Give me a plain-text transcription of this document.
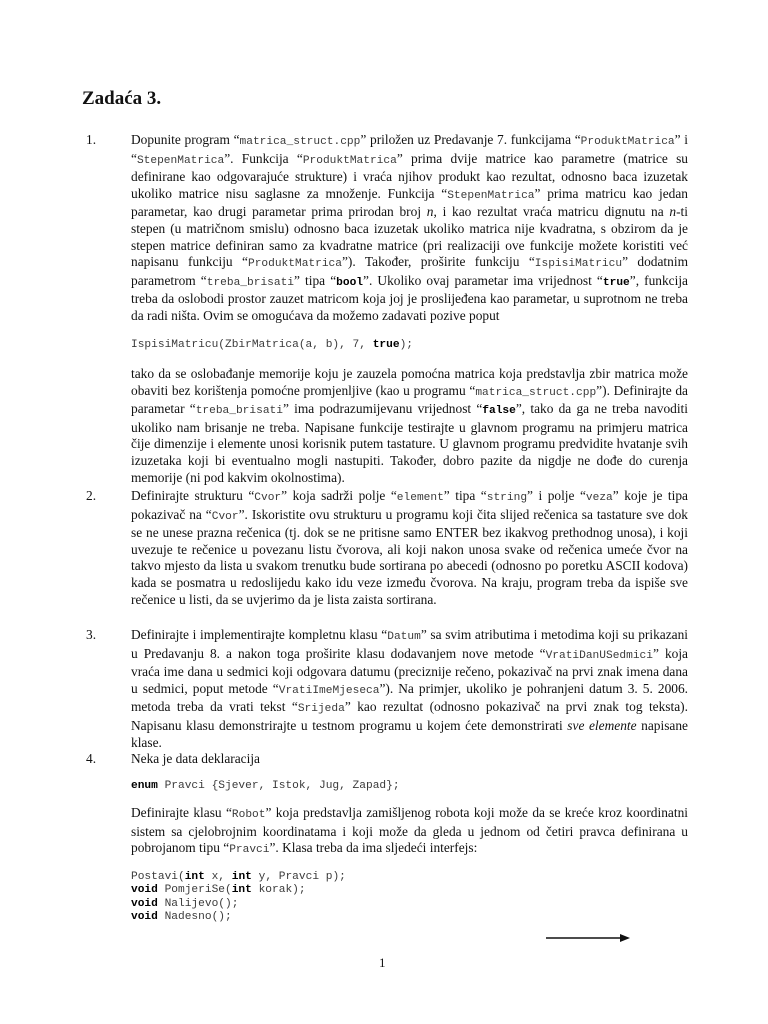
Zadaća 3.
1.	Dopunite program “matrica_struct.cpp” priložen uz Predavanje 7. funkcijama “ProduktMatrica” i “StepenMatrica”. Funkcija “ProduktMatrica” prima dvije matrice kao parametre (matrice su definirane kao odgovarajuće strukture) i vraća njihov produkt kao rezultat, odnosno baca izuzetak ukoliko matrice nisu saglasne za množenje. Funkcija “StepenMatrica” prima matricu kao jedan parametar, kao drugi parametar prima prirodan broj n, i kao rezultat vraća matricu dignutu na n-ti stepen (u matričnom smislu) odnosno baca izuzetak ukoliko matrica nije kvadratna, s obzirom da je stepen matrice definiran samo za kvadratne matrice (pri realizaciji ove funkcije možete koristiti već napisanu funkciju “ProduktMatrica”). Također, proširite funkciju “IspisiMatricu” dodatnim parametrom “treba_brisati” tipa “bool”. Ukoliko ovaj parametar ima vrijednost “true”, funkcija treba da oslobodi prostor zauzet matricom koja joj je proslijeđena kao parametar, u suprotnom ne treba da radi ništa. Ovim se omogućava da možemo zadavati pozive poput

IspisiMatricu(ZbirMatrica(a, b), 7, true);

tako da se oslobađanje memorije koju je zauzela pomoćna matrica koja predstavlja zbir matrica može obaviti bez korištenja pomoćne promjenljive (kao u programu “matrica_struct.cpp”). Definirajte da parametar “treba_brisati” ima podrazumijevanu vrijednost “false”, tako da ga ne treba navoditi ukoliko nam brisanje ne treba. Napisane funkcije testirajte u glavnom programu na primjeru matrica čije dimenzije i elemente unosi korisnik putem tastature. U glavnom programu predvidite hvatanje svih izuzetaka koji bi eventualno mogli nastupiti. Također, dobro pazite da nigdje ne dođe do curenja memorije (ni pod kakvim okolnostima).

2.	Definirajte strukturu “Cvor” koja sadrži polje “element” tipa “string” i polje “veza” koje je tipa pokazivač na “Cvor”. Iskoristite ovu strukturu u programu koji čita slijed rečenica sa tastature sve dok se ne unese prazna rečenica (tj. dok se ne pritisne samo ENTER bez ikakvog prethodnog unosa), i koji uvezuje te rečenice u povezanu listu čvorova, ali koji nakon unosa svake od rečenica umeće čvor na takvo mjesto da lista u svakom trenutku bude sortirana po abecedi (odnosno po poretku ASCII kodova) kada se posmatra u redoslijedu kako idu veze između čvorova. Na kraju, program treba da ispiše sve rečenice u listi, da se uvjerimo da je lista zaista sortirana.

3.	Definirajte i implementirajte kompletnu klasu “Datum” sa svim atributima i metodima koji su prikazani u Predavanju 8. a nakon toga proširite klasu dodavanjem nove metode “VratiDanUSedmici” koja vraća ime dana u sedmici koji odgovara datumu (preciznije rečeno, pokazivač na prvi znak imena dana u sedmici, poput metode “VratiImeMjeseca”). Na primjer, ukoliko je pohranjeni datum 3. 5. 2006. metoda treba da vrati tekst “Srijeda” kao rezultat (odnosno pokazivač na prvi znak tog teksta). Napisanu klasu demonstrirajte u testnom programu u kojem ćete demonstrirati sve elemente napisane klase.

4.	Neka je data deklaracija

enum Pravci {Sjever, Istok, Jug, Zapad};

Definirajte klasu “Robot” koja predstavlja zamišljenog robota koji može da se kreće kroz koordinatni sistem sa cjelobrojnim koordinatama i koji može da gleda u jednom od četiri pravca definirana u pobrojanom tipu “Pravci”. Klasa treba da ima sljedeći interfejs:

Postavi(int x, int y, Pravci p);
void PomjeriSe(int korak);
void Nalijevo();
void Nadesno();
1
